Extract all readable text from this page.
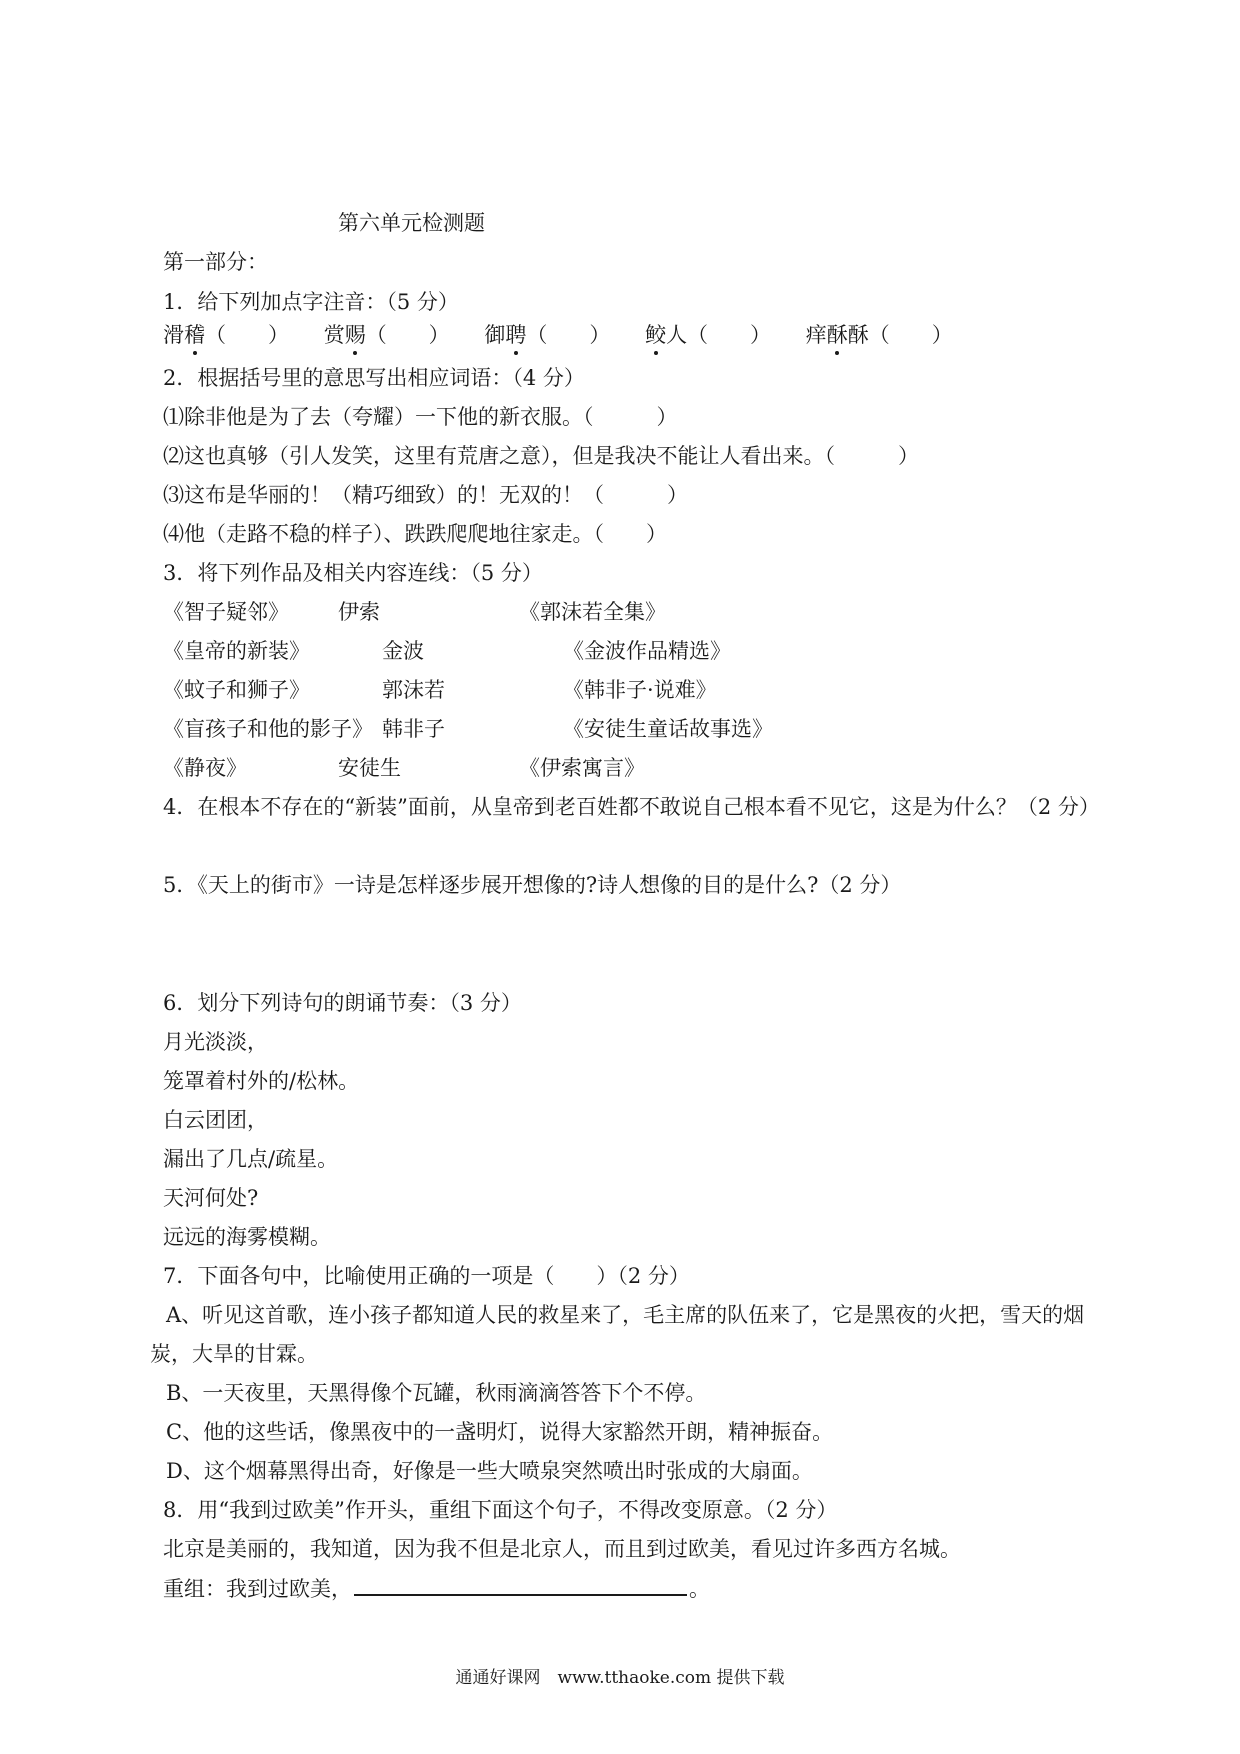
第六单元检测题
第一部分：
1．给下列加点字注音：（5 分）
滑稽（　　） 赏赐（　　） 御聘（　　） 鲛人（　　） 痒酥酥（　　）
2．根据括号里的意思写出相应词语：（4 分）
⑴除非他是为了去（夸耀）一下他的新衣服。（　　　）
⑵这也真够（引人发笑，这里有荒唐之意），但是我决不能让人看出来。（　　　）
⑶这布是华丽的！（精巧细致）的！无双的！（　　　）
⑷他（走路不稳的样子）、跌跌爬爬地往家走。（　　）
3．将下列作品及相关内容连线：（5 分）
《智子疑邻》 伊索	《郭沫若全集》
《皇帝的新装》	金波	《金波作品精选》
《蚊子和狮子》	郭沫若	《韩非子·说难》
《盲孩子和他的影子》 韩非子	《安徒生童话故事选》
《静夜》	安徒生	《伊索寓言》
4．在根本不存在的“新装”面前，从皇帝到老百姓都不敢说自己根本看不见它，这是为什么？（2 分）
5．《天上的街市》一诗是怎样逐步展开想像的?诗人想像的目的是什么?（2 分）
6．划分下列诗句的朗诵节奏：（3 分）
月光淡淡，
笼罩着村外的/松林。
白云团团，
漏出了几点/疏星。
天河何处?
远远的海雾模糊。
7．下面各句中，比喻使用正确的一项是（　　）（2 分）
A、听见这首歌，连小孩子都知道人民的救星来了，毛主席的队伍来了，它是黑夜的火把，雪天的烟
炭，大旱的甘霖。
B、一天夜里，天黑得像个瓦罐，秋雨滴滴答答下个不停。
C、他的这些话，像黑夜中的一盏明灯，说得大家豁然开朗，精神振奋。
D、这个烟幕黑得出奇，好像是一些大喷泉突然喷出时张成的大扇面。
8．用“我到过欧美”作开头，重组下面这个句子，不得改变原意。（2 分）
北京是美丽的，我知道，因为我不但是北京人，而且到过欧美，看见过许多西方名城。
重组：我到过欧美，	。
通通好课网　www.tthaoke.com 提供下载
